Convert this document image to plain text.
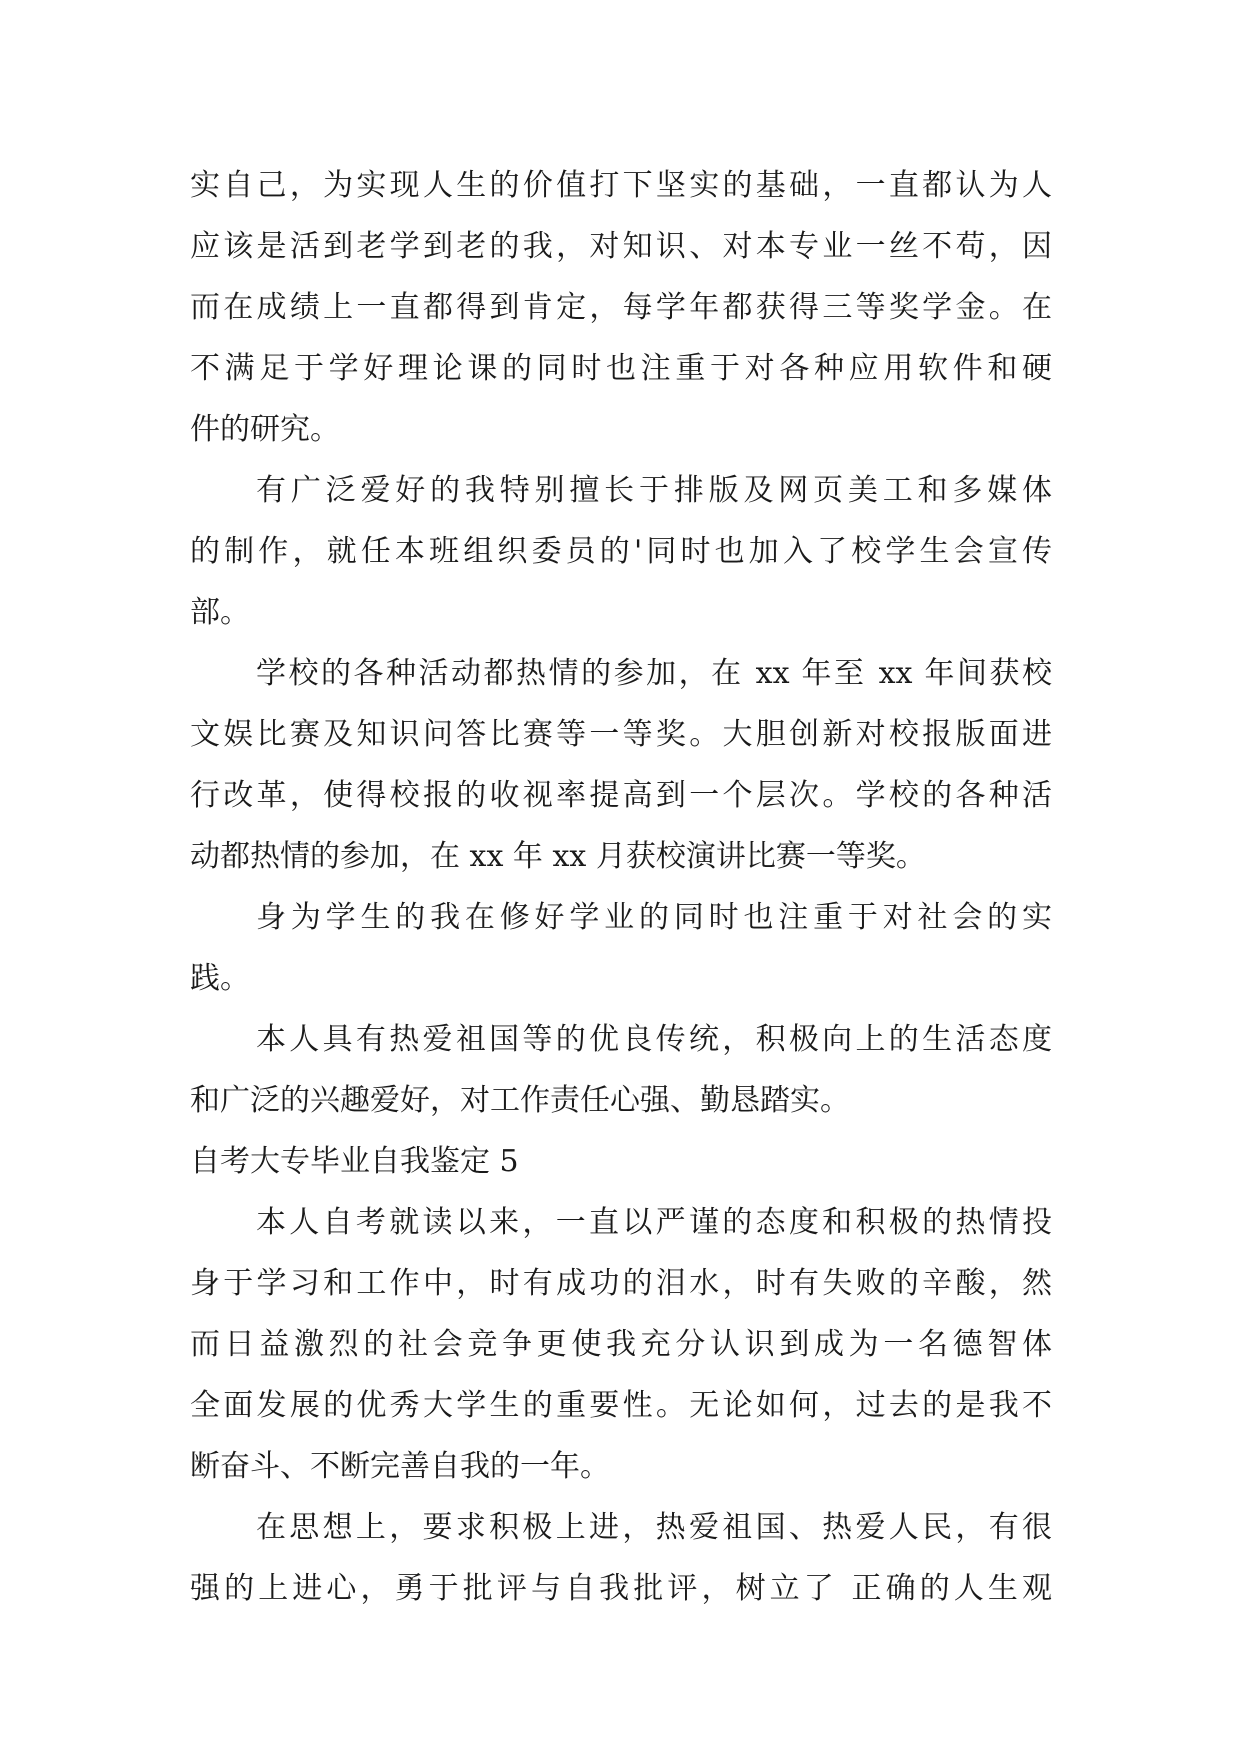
实自己，为实现人生的价值打下坚实的基础，一直都认为人
应该是活到老学到老的我，对知识、对本专业一丝不苟，因
而在成绩上一直都得到肯定，每学年都获得三等奖学金。在
不满足于学好理论课的同时也注重于对各种应用软件和硬
件的研究。
有广泛爱好的我特别擅长于排版及网页美工和多媒体
的制作，就任本班组织委员的'同时也加入了校学生会宣传
部。
学校的各种活动都热情的参加，在 xx 年至 xx 年间获校
文娱比赛及知识问答比赛等一等奖。大胆创新对校报版面进
行改革，使得校报的收视率提高到一个层次。学校的各种活
动都热情的参加，在 xx 年 xx 月获校演讲比赛一等奖。
身为学生的我在修好学业的同时也注重于对社会的实
践。
本人具有热爱祖国等的优良传统，积极向上的生活态度
和广泛的兴趣爱好，对工作责任心强、勤恳踏实。
自考大专毕业自我鉴定 5
本人自考就读以来，一直以严谨的态度和积极的热情投
身于学习和工作中，时有成功的泪水，时有失败的辛酸，然
而日益激烈的社会竞争更使我充分认识到成为一名德智体
全面发展的优秀大学生的重要性。无论如何，过去的是我不
断奋斗、不断完善自我的一年。
在思想上，要求积极上进，热爱祖国、热爱人民，有很
强的上进心，勇于批评与自我批评，树立了 正确的人生观
